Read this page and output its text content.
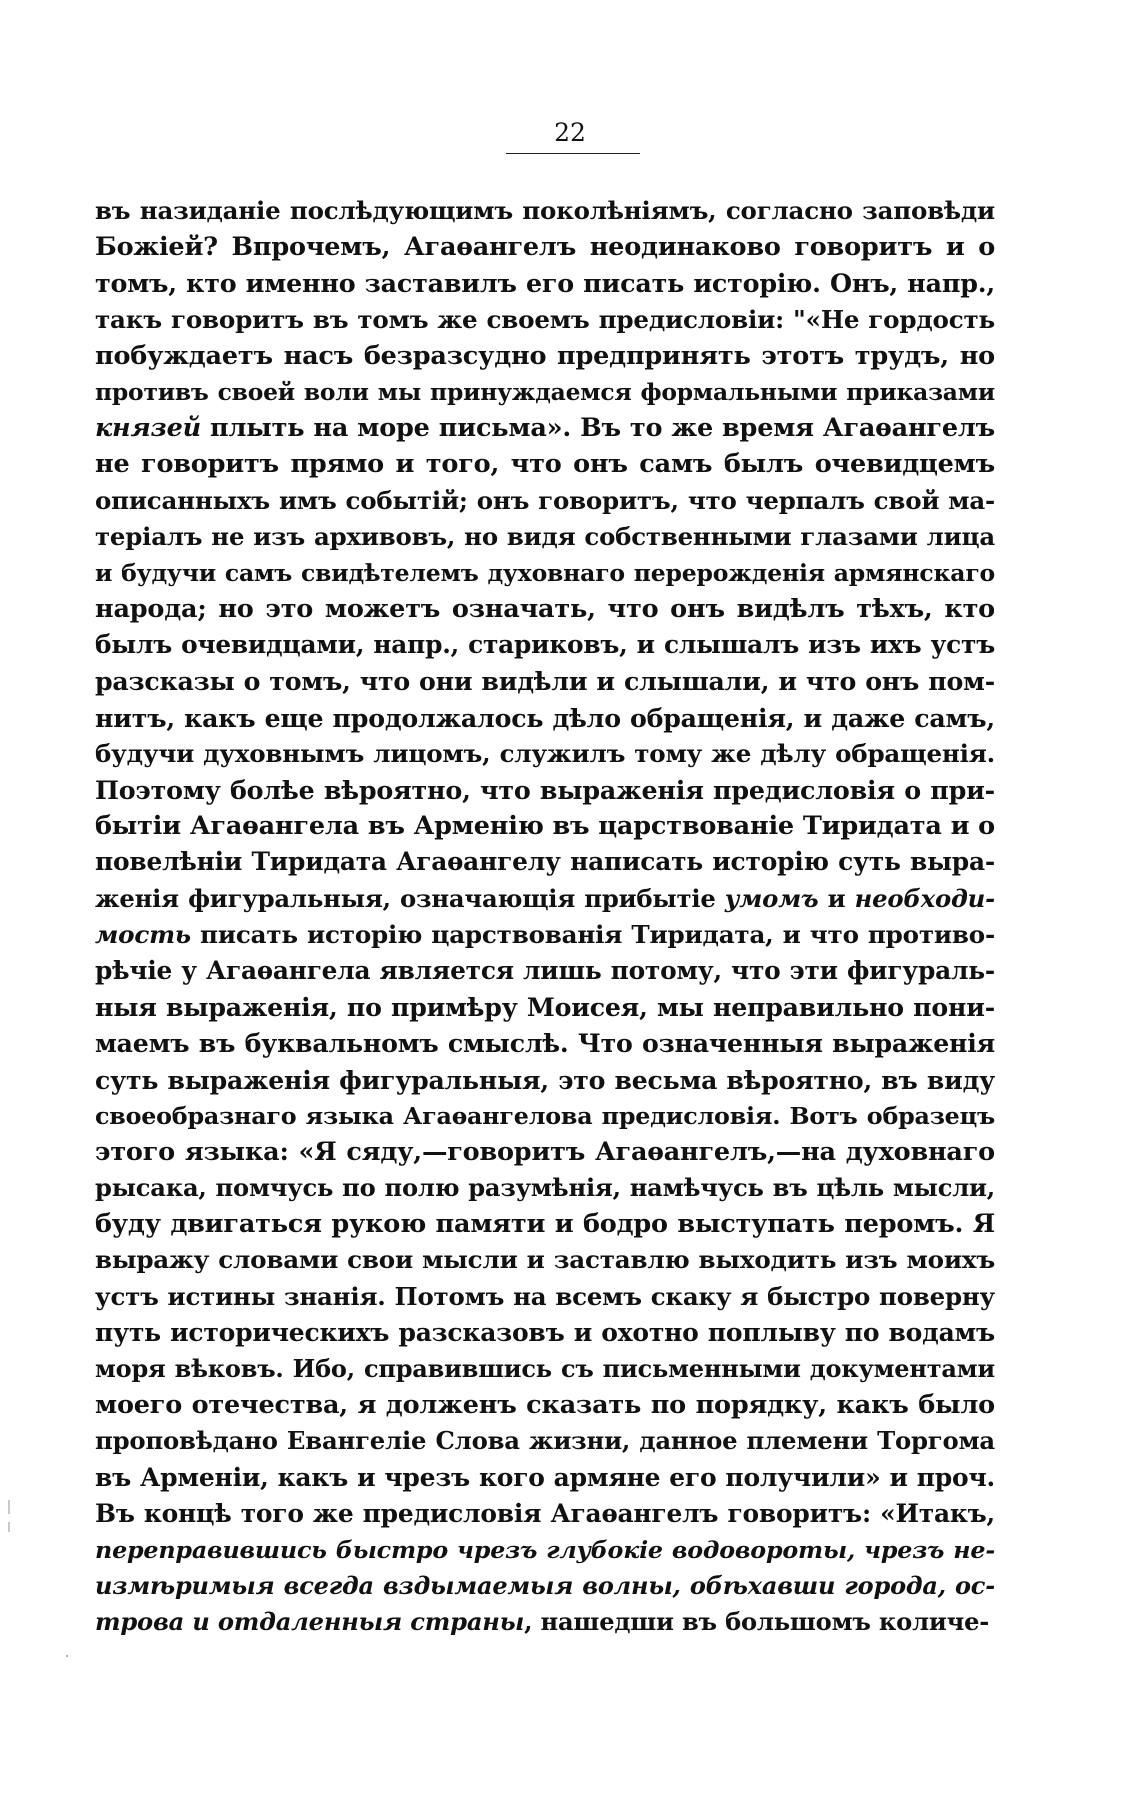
22
въ назиданіе послѣдующимъ поколѣніямъ, согласно заповѣди
Божіей? Впрочемъ, Агаѳангелъ неодинаково говоритъ и о
томъ, кто именно заставилъ его писать исторію. Онъ, напр.,
такъ говоритъ въ томъ же своемъ предисловіи: "«Не гордость
побуждаетъ насъ безразсудно предпринять этотъ трудъ, но
противъ своей воли мы принуждаемся формальными приказами
князей плыть на море письма». Въ то же время Агаѳангелъ
не говоритъ прямо и того, что онъ самъ былъ очевидцемъ
описанныхъ имъ событій; онъ говоритъ, что черпалъ свой ма-
теріалъ не изъ архивовъ, но видя собственными глазами лица
и будучи самъ свидѣтелемъ духовнаго перерожденія армянскаго
народа; но это можетъ означать, что онъ видѣлъ тѣхъ, кто
былъ очевидцами, напр., стариковъ, и слышалъ изъ ихъ устъ
разсказы о томъ, что они видѣли и слышали, и что онъ пом-
нитъ, какъ еще продолжалось дѣло обращенія, и даже самъ,
будучи духовнымъ лицомъ, служилъ тому же дѣлу обращенія.
Поэтому болѣе вѣроятно, что выраженія предисловія о при-
бытіи Агаѳангела въ Арменію въ царствованіе Тиридата и о
повелѣніи Тиридата Агаѳангелу написать исторію суть выра-
женія фигуральныя, означающія прибытіе умомъ и необходи-
мость писать исторію царствованія Тиридата, и что противо-
рѣчіе у Агаѳангела является лишь потому, что эти фигураль-
ныя выраженія, по примѣру Моисея, мы неправильно пони-
маемъ въ буквальномъ смыслѣ. Что означенныя выраженія
суть выраженія фигуральныя, это весьма вѣроятно, въ виду
своеобразнаго языка Агаѳангелова предисловія. Вотъ образецъ
этого языка: «Я сяду,—говоритъ Агаѳангелъ,—на духовнаго
рысака, помчусь по полю разумѣнія, намѣчусь въ цѣль мысли,
буду двигаться рукою памяти и бодро выступать перомъ. Я
выражу словами свои мысли и заставлю выходить изъ моихъ
устъ истины знанія. Потомъ на всемъ скаку я быстро поверну
путь историческихъ разсказовъ и охотно поплыву по водамъ
моря вѣковъ. Ибо, справившись съ письменными документами
моего отечества, я долженъ сказать по порядку, какъ было
проповѣдано Евангеліе Слова жизни, данное племени Торгома
въ Арменіи, какъ и чрезъ кого армяне его получили» и проч.
Въ концѣ того же предисловія Агаѳангелъ говоритъ: «Итакъ,
переправившись быстро чрезъ глубокіе водовороты, чрезъ не-
измѣримыя всегда вздымаемыя волны, обѣхавши города, ос-
трова и отдаленныя страны, нашедши въ большомъ количе-
